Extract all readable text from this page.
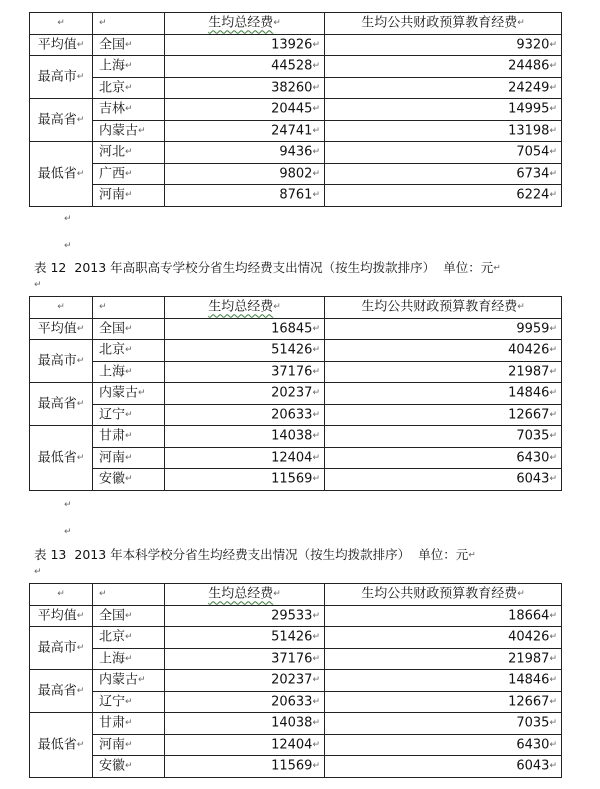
↵	↵	生均总经费↵	生均公共财政预算教育经费↵
平均值↵	全国↵	13926↵	9320↵
最高市↵	上海↵	44528↵	24486↵
	北京↵	38260↵	24249↵
最高省↵	吉林↵	20445↵	14995↵
	内蒙古↵	24741↵	13198↵
最低省↵	河北↵	9436↵	7054↵
	广西↵	9802↵	6734↵
	河南↵	8761↵	6224↵
↵
↵
表 12 2013 年高职高专学校分省生均经费支出情况（按生均拨款排序） 单位：元↵
↵
↵	↵	生均总经费↵	生均公共财政预算教育经费↵
平均值↵	全国↵	16845↵	9959↵
最高市↵	北京↵	51426↵	40426↵
	上海↵	37176↵	21987↵
最高省↵	内蒙古↵	20237↵	14846↵
	辽宁↵	20633↵	12667↵
最低省↵	甘肃↵	14038↵	7035↵
	河南↵	12404↵	6430↵
	安徽↵	11569↵	6043↵
↵
↵
表 13 2013 年本科学校分省生均经费支出情况（按生均拨款排序） 单位：元↵
↵
↵	↵	生均总经费↵	生均公共财政预算教育经费↵
平均值↵	全国↵	29533↵	18664↵
最高市↵	北京↵	51426↵	40426↵
	上海↵	37176↵	21987↵
最高省↵	内蒙古↵	20237↵	14846↵
	辽宁↵	20633↵	12667↵
最低省↵	甘肃↵	14038↵	7035↵
	河南↵	12404↵	6430↵
	安徽↵	11569↵	6043↵
